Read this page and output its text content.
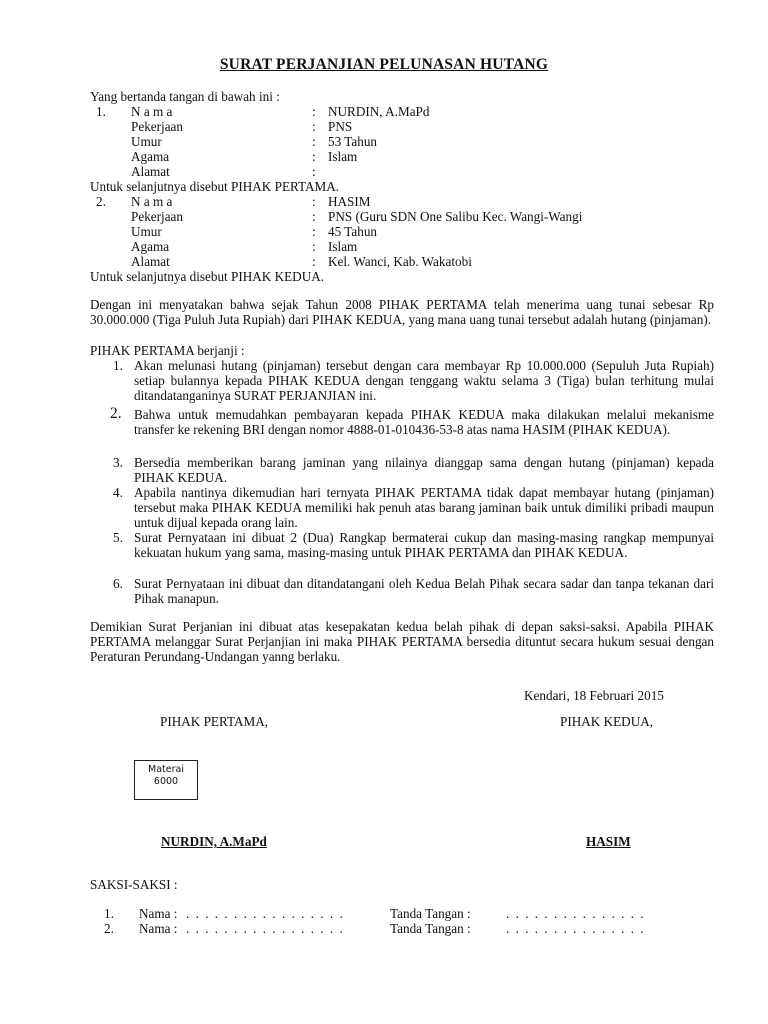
SURAT PERJANJIAN PELUNASAN HUTANG
Yang bertanda tangan di bawah ini :
1. N a m a	: NURDIN, A.MaPd
Pekerjaan	: PNS
Umur	: 53 Tahun
Agama	: Islam
Alamat	:
Untuk selanjutnya disebut PIHAK PERTAMA.
2. N a m a	: HASIM
Pekerjaan	: PNS (Guru SDN One Salibu Kec. Wangi-Wangi
Umur	: 45 Tahun
Agama	: Islam
Alamat	: Kel. Wanci, Kab. Wakatobi
Untuk selanjutnya disebut PIHAK KEDUA.
Dengan ini menyatakan bahwa sejak Tahun 2008 PIHAK PERTAMA telah menerima uang tunai sebesar Rp 30.000.000 (Tiga Puluh Juta Rupiah) dari PIHAK KEDUA, yang mana uang tunai tersebut adalah hutang (pinjaman).
PIHAK PERTAMA berjanji :
1. Akan melunasi hutang (pinjaman) tersebut dengan cara membayar Rp 10.000.000 (Sepuluh Juta Rupiah) setiap bulannya kepada PIHAK KEDUA dengan tenggang waktu selama 3 (Tiga) bulan terhitung mulai ditandatanganinya SURAT PERJANJIAN ini.
2. Bahwa untuk memudahkan pembayaran kepada PIHAK KEDUA maka dilakukan melalui mekanisme transfer ke rekening BRI dengan nomor 4888-01-010436-53-8 atas nama HASIM (PIHAK KEDUA).
3. Bersedia memberikan barang jaminan yang nilainya dianggap sama dengan hutang (pinjaman) kepada PIHAK KEDUA.
4. Apabila nantinya dikemudian hari ternyata PIHAK PERTAMA tidak dapat membayar hutang (pinjaman) tersebut maka PIHAK KEDUA memiliki hak penuh atas barang jaminan baik untuk dimiliki pribadi maupun untuk dijual kepada orang lain.
5. Surat Pernyataan ini dibuat 2 (Dua) Rangkap bermaterai cukup dan masing-masing rangkap mempunyai kekuatan hukum yang sama, masing-masing untuk PIHAK PERTAMA dan PIHAK KEDUA.
6. Surat Pernyataan ini dibuat dan ditandatangani oleh Kedua Belah Pihak secara sadar dan tanpa tekanan dari Pihak manapun.
Demikian Surat Perjanian ini dibuat atas kesepakatan kedua belah pihak di depan saksi-saksi. Apabila PIHAK PERTAMA melanggar Surat Perjanjian ini maka PIHAK PERTAMA bersedia dituntut secara hukum sesuai dengan Peraturan Perundang-Undangan yanng berlaku.
Kendari, 18 Februari 2015
PIHAK PERTAMA,	PIHAK KEDUA,
Materai
6000
NURDIN, A.MaPd	HASIM
SAKSI-SAKSI :
1. Nama : . . . . . . . . . . . . . . . . .	Tanda Tangan :	. . . . . . . . . . . . . . .
2. Nama : . . . . . . . . . . . . . . . . .	Tanda Tangan :	. . . . . . . . . . . . . . .
